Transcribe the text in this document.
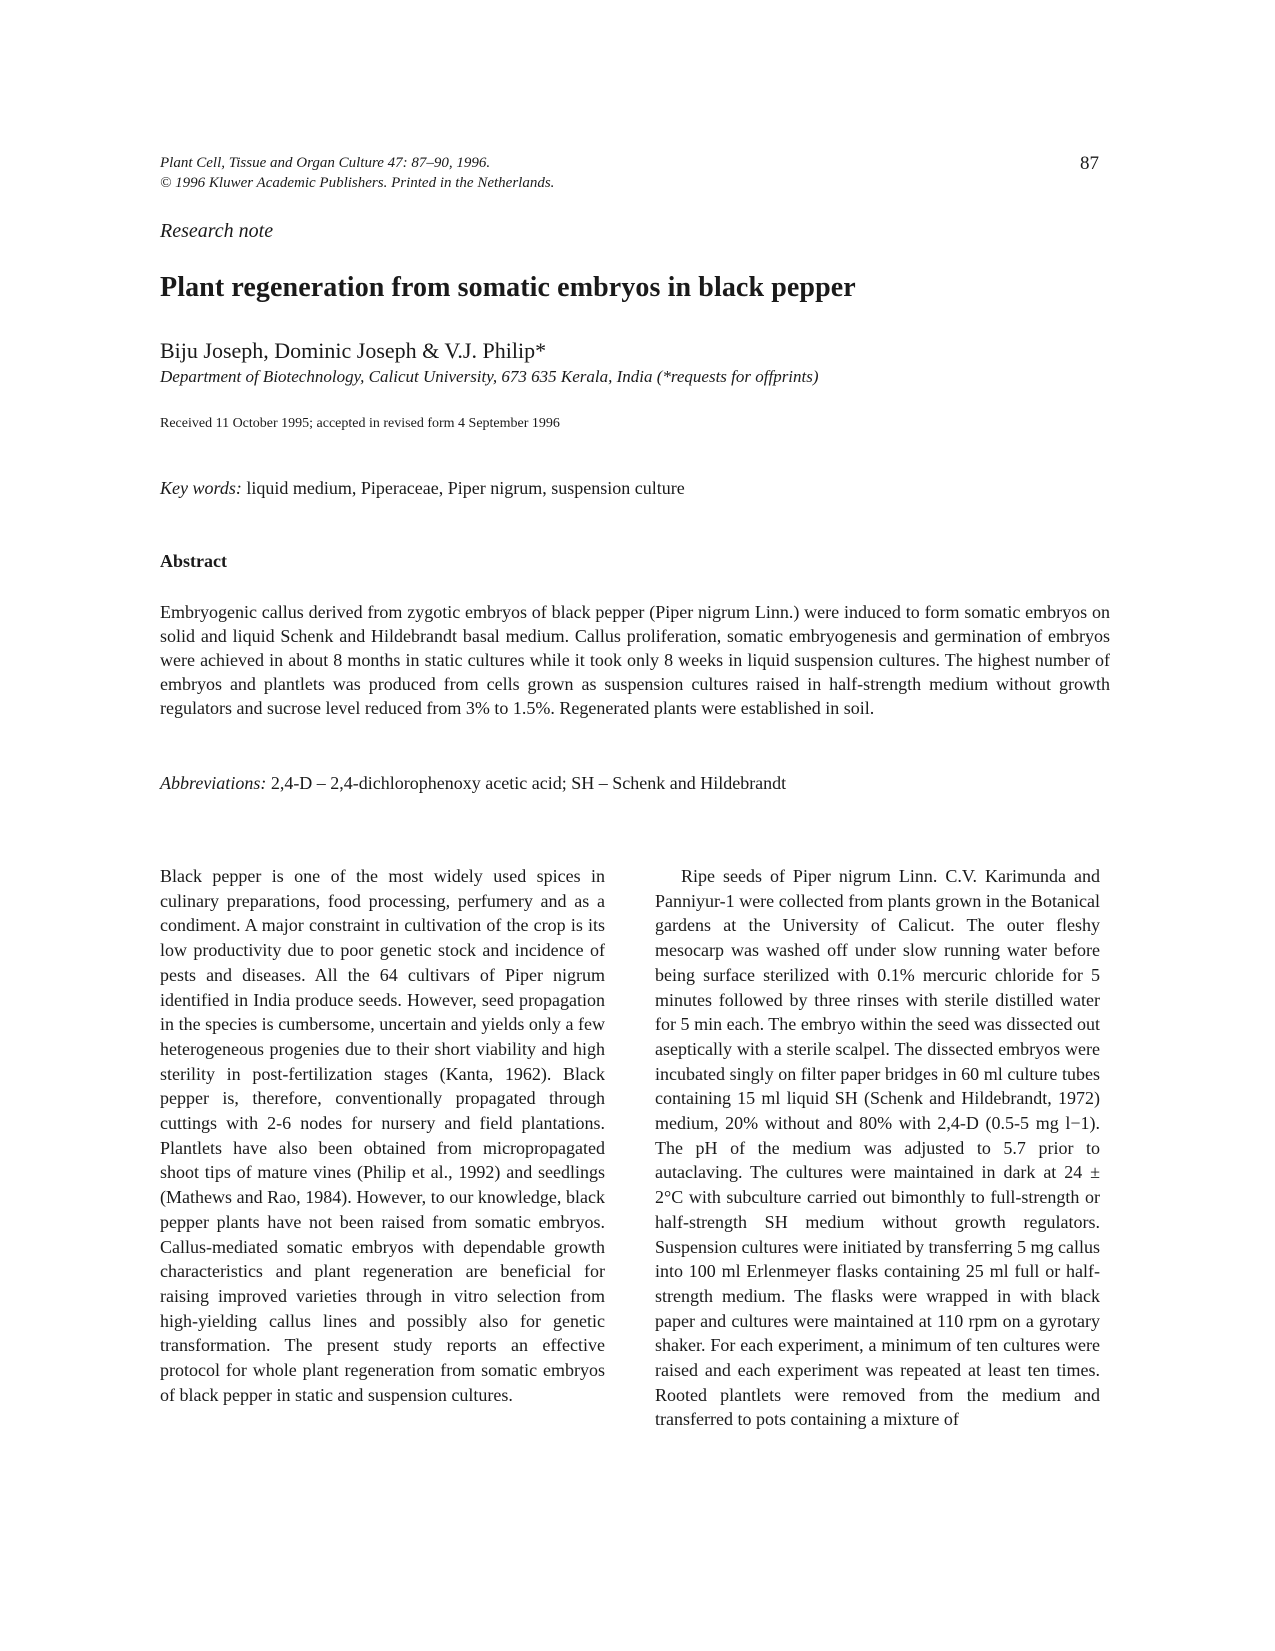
Plant Cell, Tissue and Organ Culture 47: 87–90, 1996.
© 1996 Kluwer Academic Publishers. Printed in the Netherlands.
87
Research note
Plant regeneration from somatic embryos in black pepper
Biju Joseph, Dominic Joseph & V.J. Philip*
Department of Biotechnology, Calicut University, 673 635 Kerala, India (*requests for offprints)
Received 11 October 1995; accepted in revised form 4 September 1996
Key words: liquid medium, Piperaceae, Piper nigrum, suspension culture
Abstract
Embryogenic callus derived from zygotic embryos of black pepper (Piper nigrum Linn.) were induced to form somatic embryos on solid and liquid Schenk and Hildebrandt basal medium. Callus proliferation, somatic embryogenesis and germination of embryos were achieved in about 8 months in static cultures while it took only 8 weeks in liquid suspension cultures. The highest number of embryos and plantlets was produced from cells grown as suspension cultures raised in half-strength medium without growth regulators and sucrose level reduced from 3% to 1.5%. Regenerated plants were established in soil.
Abbreviations: 2,4-D – 2,4-dichlorophenoxy acetic acid; SH – Schenk and Hildebrandt

Black pepper is one of the most widely used spices in culinary preparations, food processing, perfumery and as a condiment. A major constraint in cultivation of the crop is its low productivity due to poor genetic stock and incidence of pests and diseases. All the 64 cultivars of Piper nigrum identified in India produce seeds. However, seed propagation in the species is cumbersome, uncertain and yields only a few heterogeneous progenies due to their short viability and high sterility in post-fertilization stages (Kanta, 1962). Black pepper is, therefore, conventionally propagated through cuttings with 2-6 nodes for nursery and field plantations. Plantlets have also been obtained from micropropagated shoot tips of mature vines (Philip et al., 1992) and seedlings (Mathews and Rao, 1984). However, to our knowledge, black pepper plants have not been raised from somatic embryos. Callus-mediated somatic embryos with dependable growth characteristics and plant regeneration are beneficial for raising improved varieties through in vitro selection from high-yielding callus lines and possibly also for genetic transformation. The present study reports an effective protocol for whole plant regeneration from somatic embryos of black pepper in static and suspension cultures.

Ripe seeds of Piper nigrum Linn. C.V. Karimunda and Panniyur-1 were collected from plants grown in the Botanical gardens at the University of Calicut. The outer fleshy mesocarp was washed off under slow running water before being surface sterilized with 0.1% mercuric chloride for 5 minutes followed by three rinses with sterile distilled water for 5 min each. The embryo within the seed was dissected out aseptically with a sterile scalpel. The dissected embryos were incubated singly on filter paper bridges in 60 ml culture tubes containing 15 ml liquid SH (Schenk and Hildebrandt, 1972) medium, 20% without and 80% with 2,4-D (0.5-5 mg l−1). The pH of the medium was adjusted to 5.7 prior to autaclaving. The cultures were maintained in dark at 24 ± 2°C with subculture carried out bimonthly to full-strength or half-strength SH medium without growth regulators. Suspension cultures were initiated by transferring 5 mg callus into 100 ml Erlenmeyer flasks containing 25 ml full or half-strength medium. The flasks were wrapped in with black paper and cultures were maintained at 110 rpm on a gyrotary shaker. For each experiment, a minimum of ten cultures were raised and each experiment was repeated at least ten times. Rooted plantlets were removed from the medium and transferred to pots containing a mixture of
